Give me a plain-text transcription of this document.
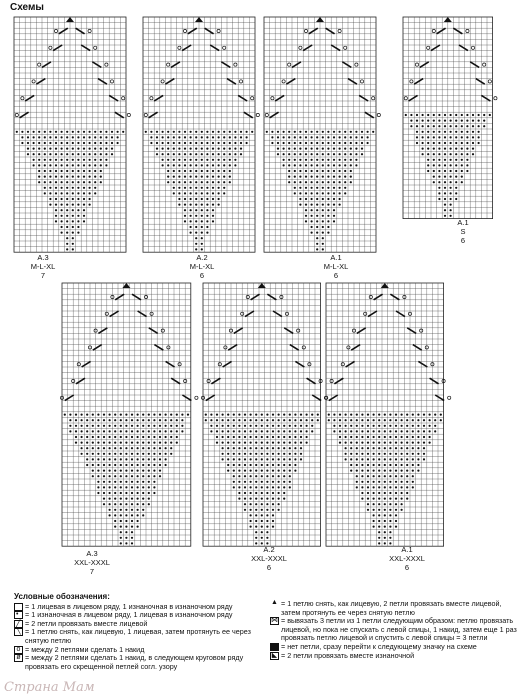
Схемы
A.3
M-L-XL
7
A.2
M-L-XL
6
A.1
M-L-XL
6
A.1
S
6
A.3
XXL-XXXL
7
A.2
XXL-XXXL
6
A.1
XXL-XXXL
6
Условные обозначения:
= 1 лицевая в лицевом ряду, 1 изнаночная в изнаночном ряду
•
= 1 изнаночная в лицевом ряду, 1 лицевая в изнаночном ряду
╱ = 2 петли провязать вместе лицевой
╲ = 1 петлю снять, как лицевую, 1 лицевая, затем протянуть ее через снятую петлю
o = между 2 петлями сделать 1 накид
ø = между 2 петлями сделать 1 накид, в следующем круговом ряду провязать его скрещенной петлей согл. узору
▲ = 1 петлю снять, как лицевую, 2 петли провязать вместе лицевой, затем протянуть ее через снятую петлю
⋈ = вывязать 3 петли из 1 петли следующим образом: петлю провязать лицевой, но пока не спускать с левой спицы, 1 накид, затем еще 1 раз провязать петлю лицевой и спустить с левой спицы = 3 петли
= нет петли, сразу перейти к следующему значку на схеме
◣ = 2 петли провязать вместе изнаночной
Страна Мам
